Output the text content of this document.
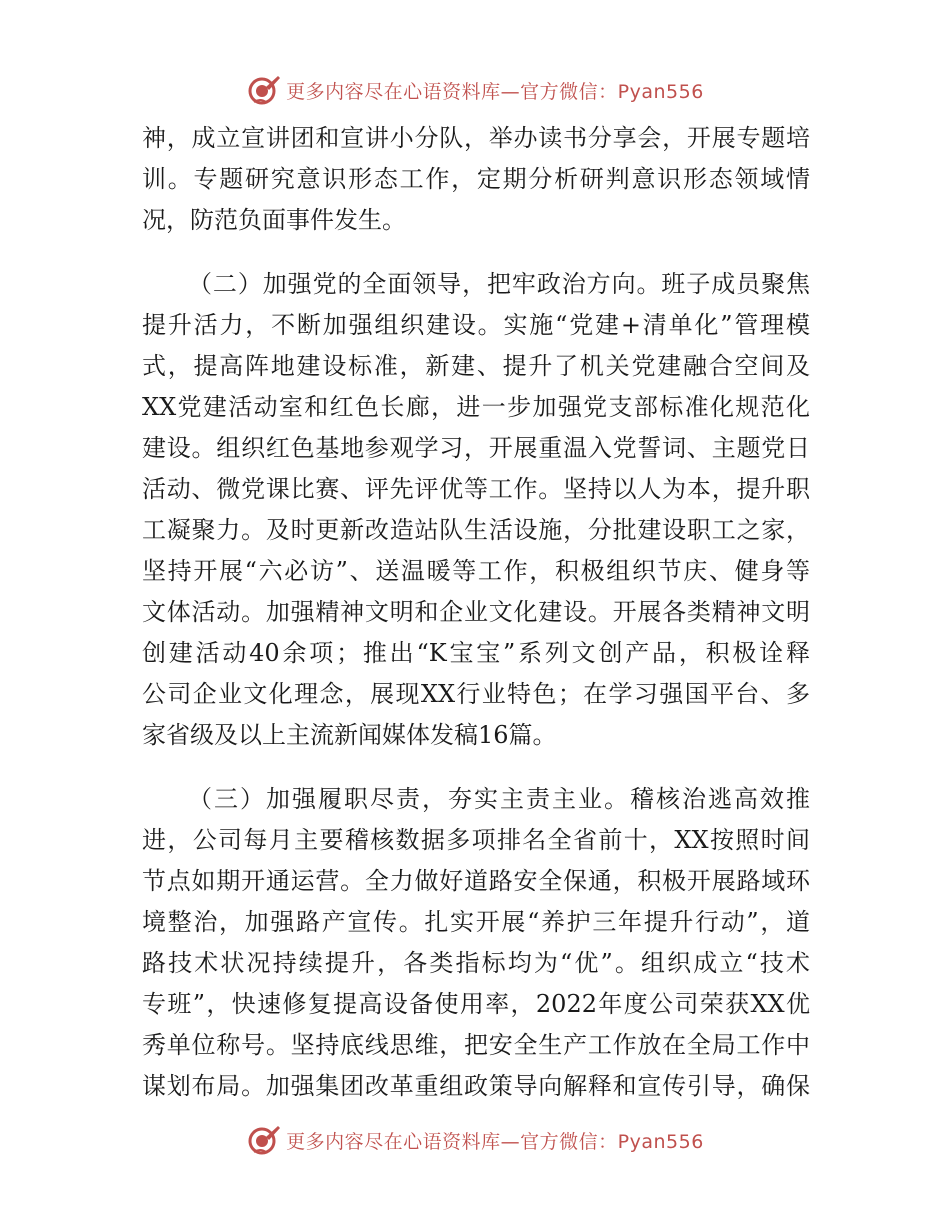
更多内容尽在心语资料库—官方微信：Pyan556
神，成立宣讲团和宣讲小分队，举办读书分享会，开展专题培
训。专题研究意识形态工作，定期分析研判意识形态领域情
况，防范负面事件发生。
（二）加强党的全面领导，把牢政治方向。班子成员聚焦
提升活力，不断加强组织建设。实施“党建+清单化”管理模
式，提高阵地建设标准，新建、提升了机关党建融合空间及
XX党建活动室和红色长廊，进一步加强党支部标准化规范化
建设。组织红色基地参观学习，开展重温入党誓词、主题党日
活动、微党课比赛、评先评优等工作。坚持以人为本，提升职
工凝聚力。及时更新改造站队生活设施，分批建设职工之家，
坚持开展“六必访”、送温暖等工作，积极组织节庆、健身等
文体活动。加强精神文明和企业文化建设。开展各类精神文明
创建活动40余项；推出“K宝宝”系列文创产品，积极诠释
公司企业文化理念，展现XX行业特色；在学习强国平台、多
家省级及以上主流新闻媒体发稿16篇。
（三）加强履职尽责，夯实主责主业。稽核治逃高效推
进，公司每月主要稽核数据多项排名全省前十，XX按照时间
节点如期开通运营。全力做好道路安全保通，积极开展路域环
境整治，加强路产宣传。扎实开展“养护三年提升行动”，道
路技术状况持续提升，各类指标均为“优”。组织成立“技术
专班”，快速修复提高设备使用率，2022年度公司荣获XX优
秀单位称号。坚持底线思维，把安全生产工作放在全局工作中
谋划布局。加强集团改革重组政策导向解释和宣传引导，确保
更多内容尽在心语资料库—官方微信：Pyan556
